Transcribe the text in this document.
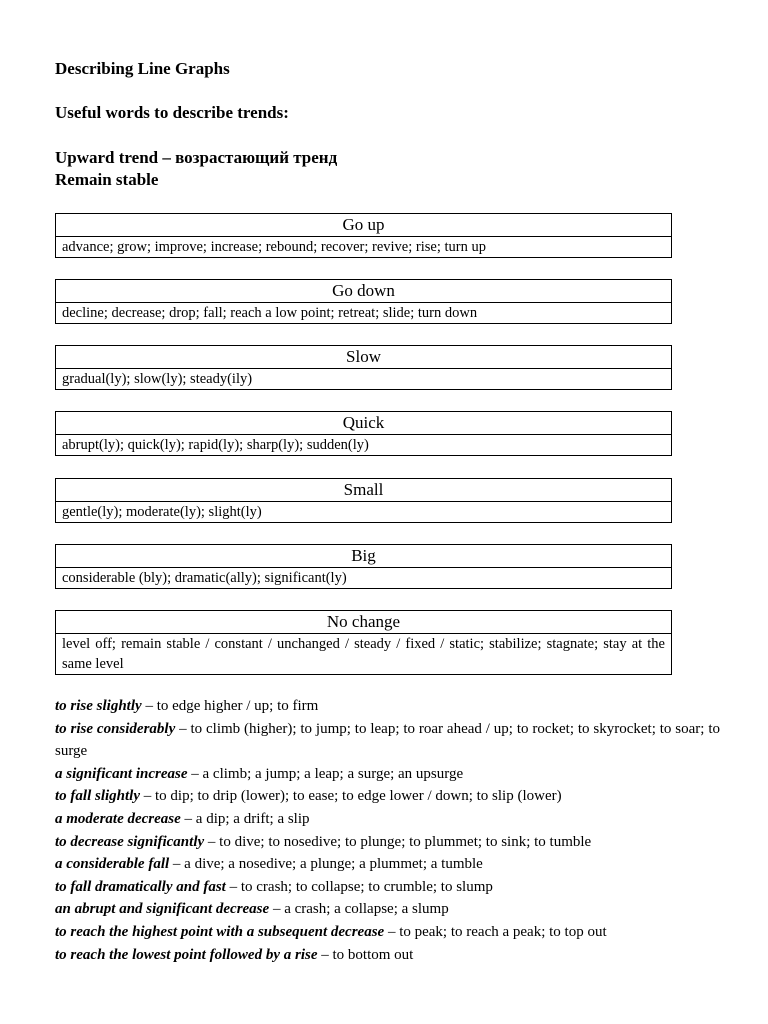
Describing Line Graphs
Useful words to describe trends:
Upward trend – возрастающий тренд
Remain stable
Go up
advance; grow; improve; increase; rebound; recover; revive; rise; turn up
Go down
decline; decrease; drop; fall; reach a low point; retreat; slide; turn down
Slow
gradual(ly); slow(ly); steady(ily)
Quick
abrupt(ly); quick(ly); rapid(ly); sharp(ly); sudden(ly)
Small
gentle(ly); moderate(ly); slight(ly)
Big
considerable (bly); dramatic(ally); significant(ly)
No change
level off; remain stable / constant / unchanged / steady / fixed / static; stabilize; stagnate; stay at the same level
to rise slightly – to edge higher / up; to firm
to rise considerably – to climb (higher); to jump; to leap; to roar ahead / up; to rocket; to skyrocket; to soar; to surge
a significant increase – a climb; a jump; a leap; a surge; an upsurge
to fall slightly – to dip; to drip (lower); to ease; to edge lower / down; to slip (lower)
a moderate decrease – a dip; a drift; a slip
to decrease significantly – to dive; to nosedive; to plunge; to plummet; to sink; to tumble
a considerable fall – a dive; a nosedive; a plunge; a plummet; a tumble
to fall dramatically and fast – to crash; to collapse; to crumble; to slump
an abrupt and significant decrease – a crash; a collapse; a slump
to reach the highest point with a subsequent decrease – to peak; to reach a peak; to top out
to reach the lowest point followed by a rise – to bottom out
